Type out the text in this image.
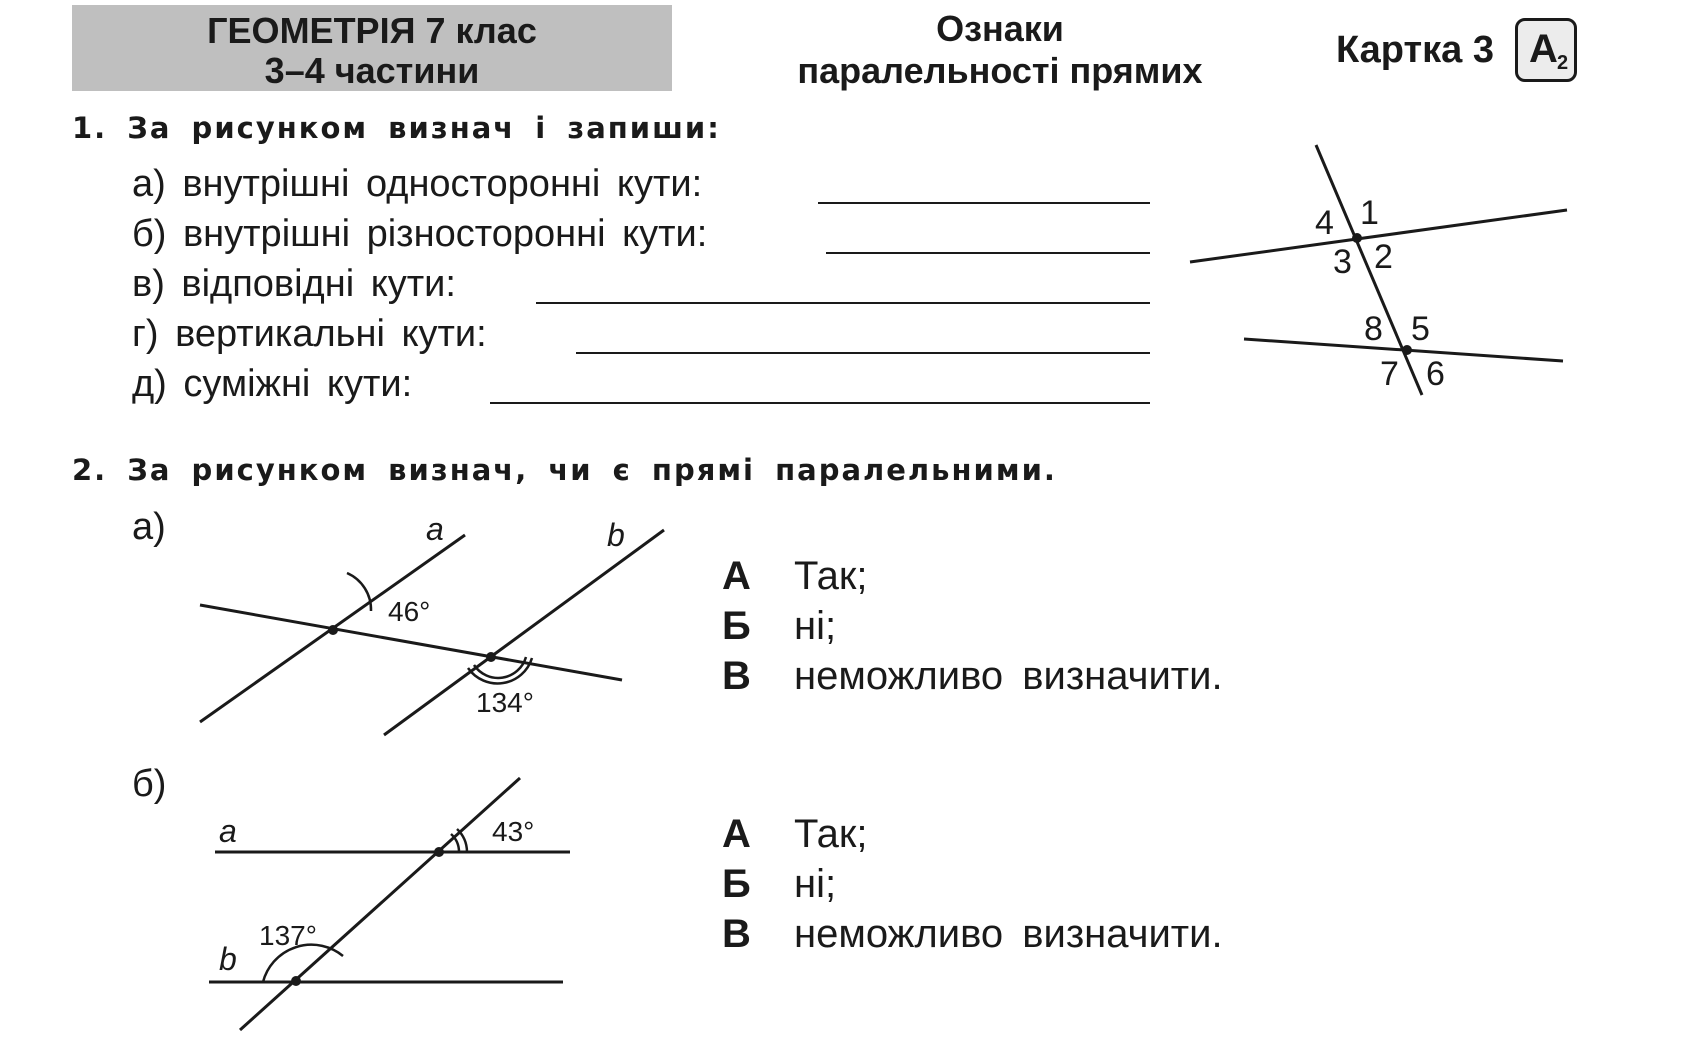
ГЕОМЕТРІЯ 7 клас
3–4 частини
Ознаки
паралельності прямих	Картка 3 А 2
1. За рисунком визнач і запиши:
а) внутрішні односторонні кути:
б) внутрішні різносторонні кути:
в) відповідні кути:
г) вертикальні кути:
д) суміжні кути:
4 1
3 2
8 5
7 6
2. За рисунком визнач, чи є прямі паралельними.
а)	a	b
46°
134°
А Так;
Б ні;
В неможливо визначити.
б)
a
b
43°
137°
А Так;
Б ні;
В неможливо визначити.
